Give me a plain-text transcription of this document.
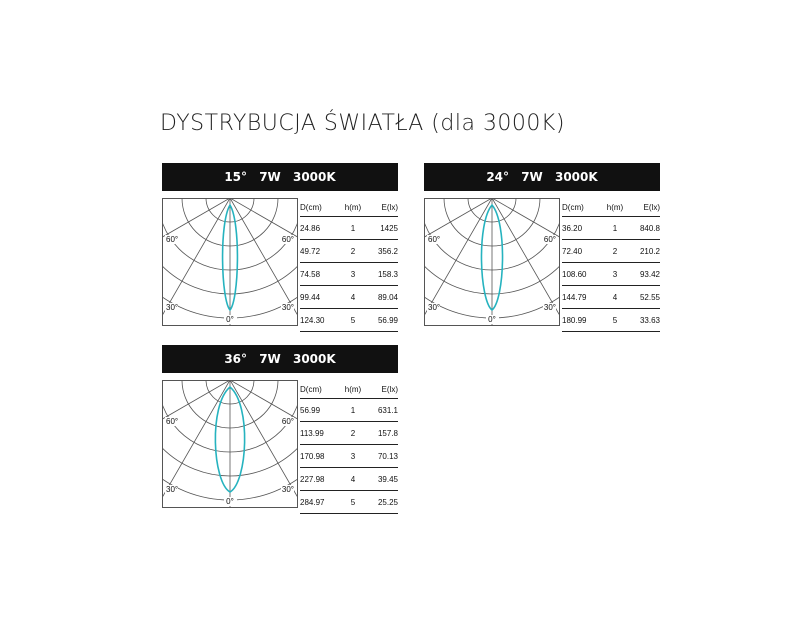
DYSTRYBUCJA ŚWIATŁA (dla 3000K)
15° 7W 3000K
60°	60°
30°	30°
0°
D(cm)	h(m)	E(lx)
24.86	1	1425
49.72	2	356.2
74.58	3	158.3
99.44	4	89.04
124.30	5	56.99
24° 7W 3000K
60°	60°
30°	30°
0°
D(cm)	h(m)	E(lx)
36.20	1	840.8
72.40	2	210.2
108.60	3	93.42
144.79	4	52.55
180.99	5	33.63
36° 7W 3000K
60°	60°
30°	30°
0°
D(cm)	h(m)	E(lx)
56.99	1	631.1
113.99	2	157.8
170.98	3	70.13
227.98	4	39.45
284.97	5	25.25
